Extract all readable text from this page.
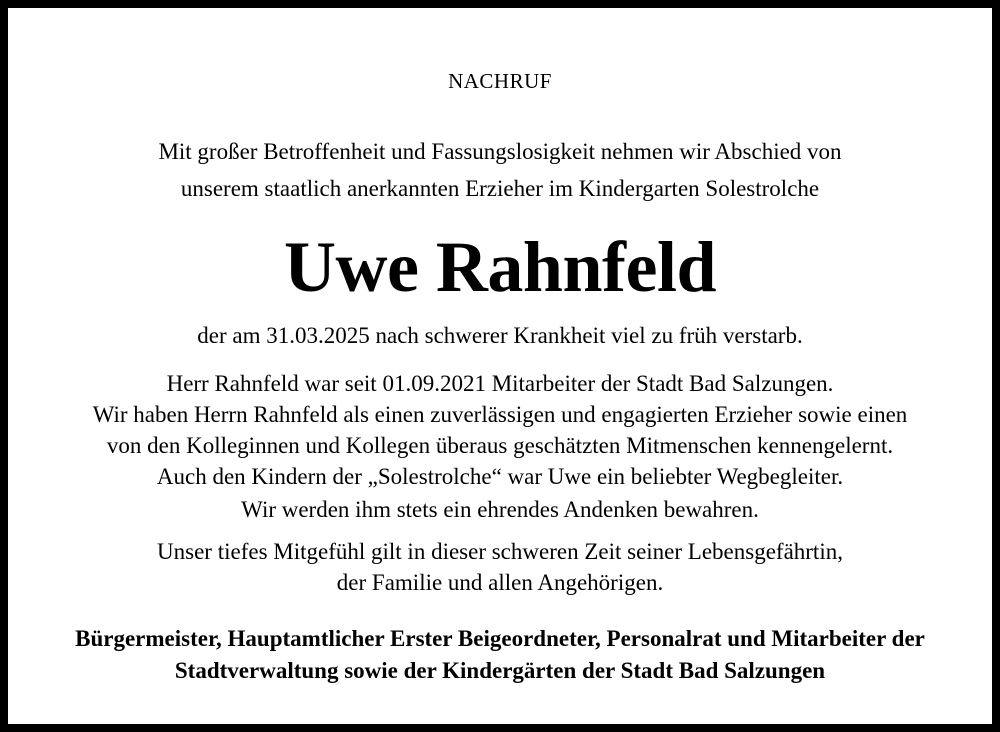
NACHRUF
Mit großer Betroffenheit und Fassungslosigkeit nehmen wir Abschied von
unserem staatlich anerkannten Erzieher im Kindergarten Solestrolche
Uwe Rahnfeld
der am 31.03.2025 nach schwerer Krankheit viel zu früh verstarb.
Herr Rahnfeld war seit 01.09.2021 Mitarbeiter der Stadt Bad Salzungen.
Wir haben Herrn Rahnfeld als einen zuverlässigen und engagierten Erzieher sowie einen
von den Kolleginnen und Kollegen überaus geschätzten Mitmenschen kennengelernt.
Auch den Kindern der „Solestrolche“ war Uwe ein beliebter Wegbegleiter.
Wir werden ihm stets ein ehrendes Andenken bewahren.
Unser tiefes Mitgefühl gilt in dieser schweren Zeit seiner Lebensgefährtin,
der Familie und allen Angehörigen.
Bürgermeister, Hauptamtlicher Erster Beigeordneter, Personalrat und Mitarbeiter der
Stadtverwaltung sowie der Kindergärten der Stadt Bad Salzungen
